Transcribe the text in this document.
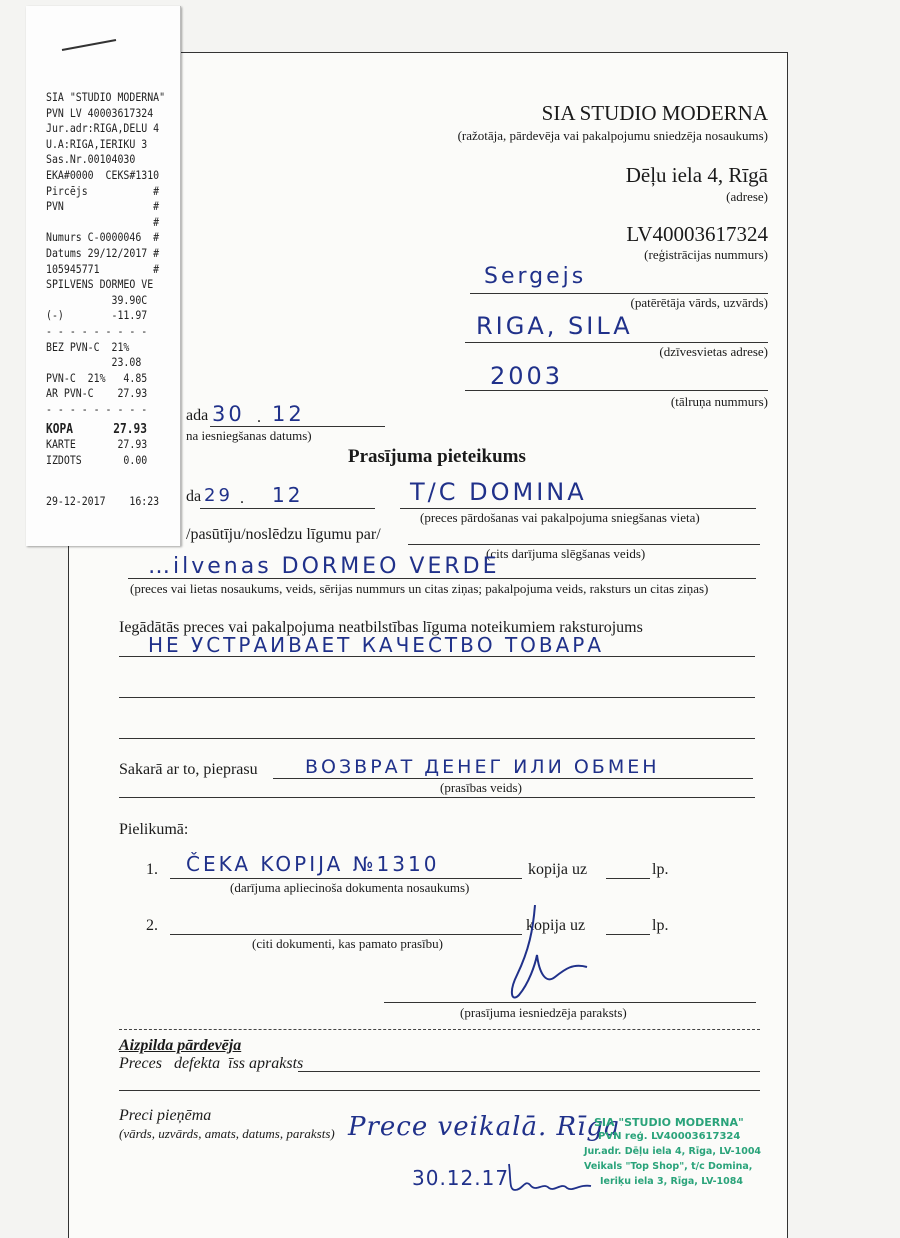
SIA STUDIO MODERNA
(ražotāja, pārdevēja vai pakalpojumu sniedzēja nosaukums)
Dēļu iela 4, Rīgā
(adrese)
LV40003617324
(reģistrācijas nummurs)
Sergejs
(patērētāja vārds, uzvārds)
RIGA, SILA
(dzīvesvietas adrese)
2003
(tālruņa nummurs)
ada 30 . 12
na iesniegšanas datums)
Prasījuma pieteikums
da 29 . 12	T/C DOMINA
(preces pārdošanas vai pakalpojuma sniegšanas vieta)
/pasūtīju/noslēdzu līgumu par/
(cits darījuma slēgšanas veids)
…ilvenas DORMEO VERDE
(preces vai lietas nosaukums, veids, sērijas nummurs un citas ziņas; pakalpojuma veids, raksturs un citas ziņas)
Iegādātās preces vai pakalpojuma neatbilstības līguma noteikumiem raksturojums
НЕ УСТРАИВАЕТ КАЧЕСТВО ТОВАРА
Sakarā ar to, pieprasu ВОЗВРАТ ДЕНЕГ ИЛИ ОБМЕН
(prasības veids)
Pielikumā:
1. ČEKA KOPIJA №1310	kopija uz	lp.
(darījuma apliecinoša dokumenta nosaukums)
2.	kopija uz	lp.
(citi dokumenti, kas pamato prasību)
(prasījuma iesniedzēja paraksts)
Aizpilda pārdevēja
Preces   defekta  īss apraksts
Preci pieņēma
(vārds, uzvārds, amats, datums, paraksts) Prece veikalā. Rīga
30.12.17
SIA "STUDIO MODERNA"
PVN reģ. LV40003617324
Jur.adr. Dēļu iela 4, Rīga, LV-1004
Veikals "Top Shop", t/c Domina,
Ieriķu iela 3, Rīga, LV-1084
SIA "STUDIO MODERNA"
PVN LV 40003617324
Jur.adr:RIGA,DELU 4
U.A:RIGA,IERIKU 3
Sas.Nr.00104030
EKA#0000  CEKS#1310
Pircējs           #
PVN               #
#
Numurs C-0000046  #
Datums 29/12/2017 #
105945771         #
SPILVENS DORMEO VE
39.90C
(-)        -11.97
- - - - - - - - -
BEZ PVN-C  21%
23.08
PVN-C  21%   4.85
AR PVN-C    27.93
- - - - - - - - -
KOPĀ      27.93
KARTE       27.93
IZDOTS       0.00
29-12-2017    16:23
